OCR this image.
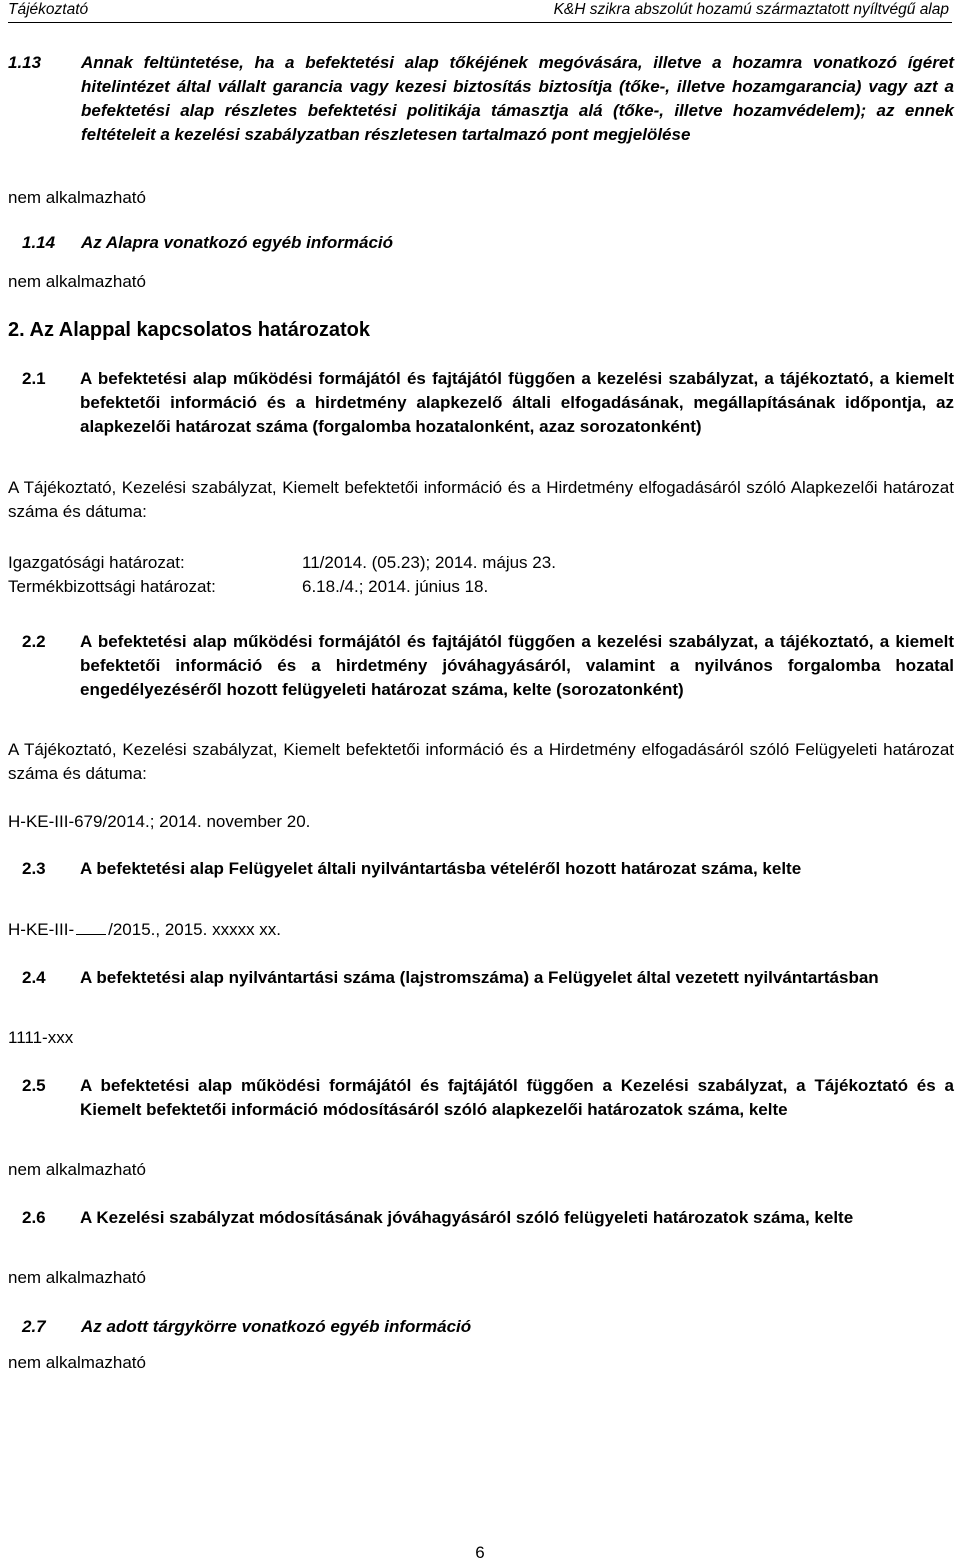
Tájékoztató	K&H szikra abszolút hozamú származtatott nyíltvégű alap
1.13	Annak feltüntetése, ha a befektetési alap tőkéjének megóvására, illetve a hozamra vonatkozó ígéret hitelintézet által vállalt garancia vagy kezesi biztosítás biztosítja (tőke-, illetve hozamgarancia) vagy azt a befektetési alap részletes befektetési politikája támasztja alá (tőke-, illetve hozamvédelem); az ennek feltételeit a kezelési szabályzatban részletesen tartalmazó pont megjelölése
nem alkalmazható
1.14	Az Alapra vonatkozó egyéb információ
nem alkalmazható
2. Az Alappal kapcsolatos határozatok
2.1	A befektetési alap működési formájától és fajtájától függően a kezelési szabályzat, a tájékoztató, a kiemelt befektetői információ és a hirdetmény alapkezelő általi elfogadásának, megállapításának időpontja, az alapkezelői határozat száma (forgalomba hozatalonként, azaz sorozatonként)
A Tájékoztató, Kezelési szabályzat, Kiemelt befektetői információ és a Hirdetmény elfogadásáról szóló Alapkezelői határozat száma és dátuma:
Igazgatósági határozat:	11/2014. (05.23); 2014. május 23.
Termékbizottsági határozat:	6.18./4.; 2014. június 18.
2.2	A befektetési alap működési formájától és fajtájától függően a kezelési szabályzat, a tájékoztató, a kiemelt befektetői információ és a hirdetmény jóváhagyásáról, valamint a nyilvános forgalomba hozatal engedélyezéséről hozott felügyeleti határozat száma, kelte (sorozatonként)
A Tájékoztató, Kezelési szabályzat, Kiemelt befektetői információ és a Hirdetmény elfogadásáról szóló Felügyeleti határozat száma és dátuma:
H-KE-III-679/2014.; 2014. november 20.
2.3	A befektetési alap Felügyelet általi nyilvántartásba vételéről hozott határozat száma, kelte
H-KE-III- /2015., 2015. xxxxx xx.
2.4	A befektetési alap nyilvántartási száma (lajstromszáma) a Felügyelet által vezetett nyilvántartásban
1111-xxx
2.5	A befektetési alap működési formájától és fajtájától függően a Kezelési szabályzat, a Tájékoztató és a Kiemelt befektetői információ módosításáról szóló alapkezelői határozatok száma, kelte
nem alkalmazható
2.6	A Kezelési szabályzat módosításának jóváhagyásáról szóló felügyeleti határozatok száma, kelte
nem alkalmazható
2.7	Az adott tárgykörre vonatkozó egyéb információ
nem alkalmazható
6
